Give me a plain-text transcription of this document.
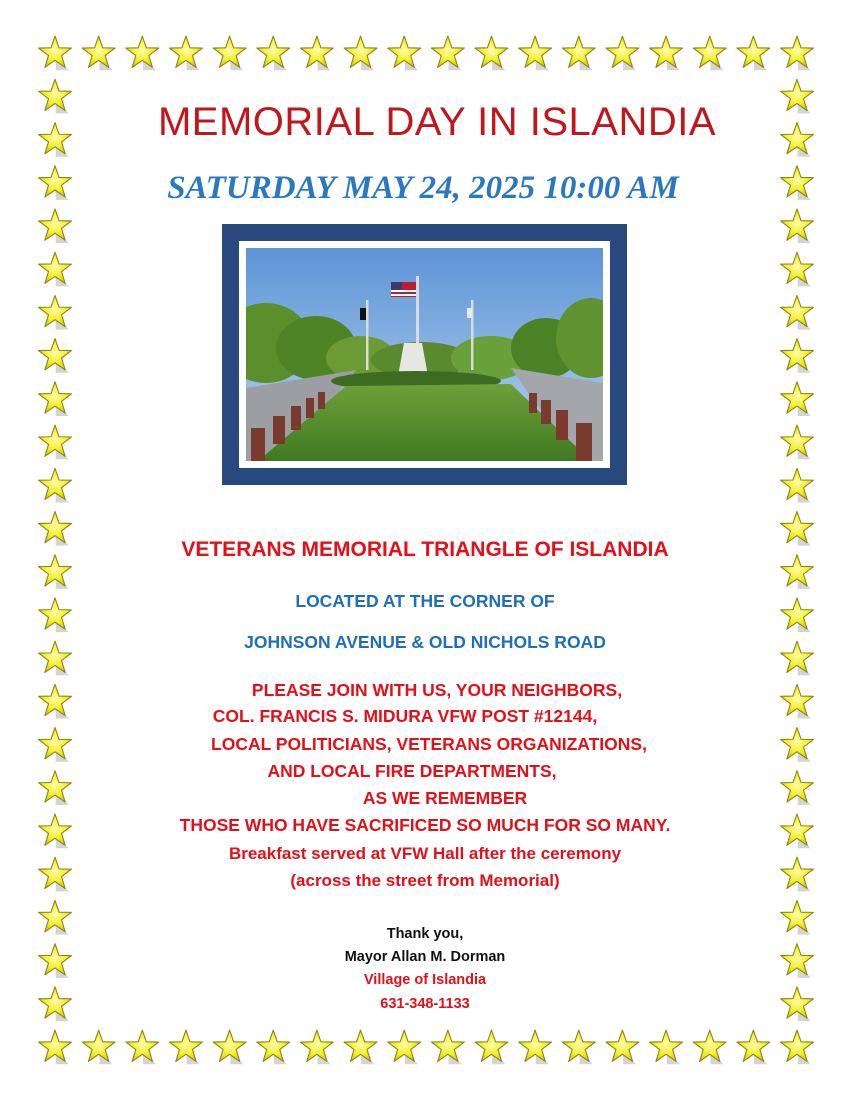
MEMORIAL DAY IN ISLANDIA
SATURDAY MAY 24, 2025 10:00 AM

VETERANS MEMORIAL TRIANGLE OF ISLANDIA

LOCATED AT THE CORNER OF

JOHNSON AVENUE & OLD NICHOLS ROAD

PLEASE JOIN WITH US, YOUR NEIGHBORS,

COL. FRANCIS S. MIDURA VFW POST #12144,

LOCAL POLITICIANS, VETERANS ORGANIZATIONS,

AND LOCAL FIRE DEPARTMENTS,

AS WE REMEMBER

THOSE WHO HAVE SACRIFICED SO MUCH FOR SO MANY.

Breakfast served at VFW Hall after the ceremony

(across the street from Memorial)

Thank you,

Mayor Allan M. Dorman

Village of Islandia

631-348-1133
